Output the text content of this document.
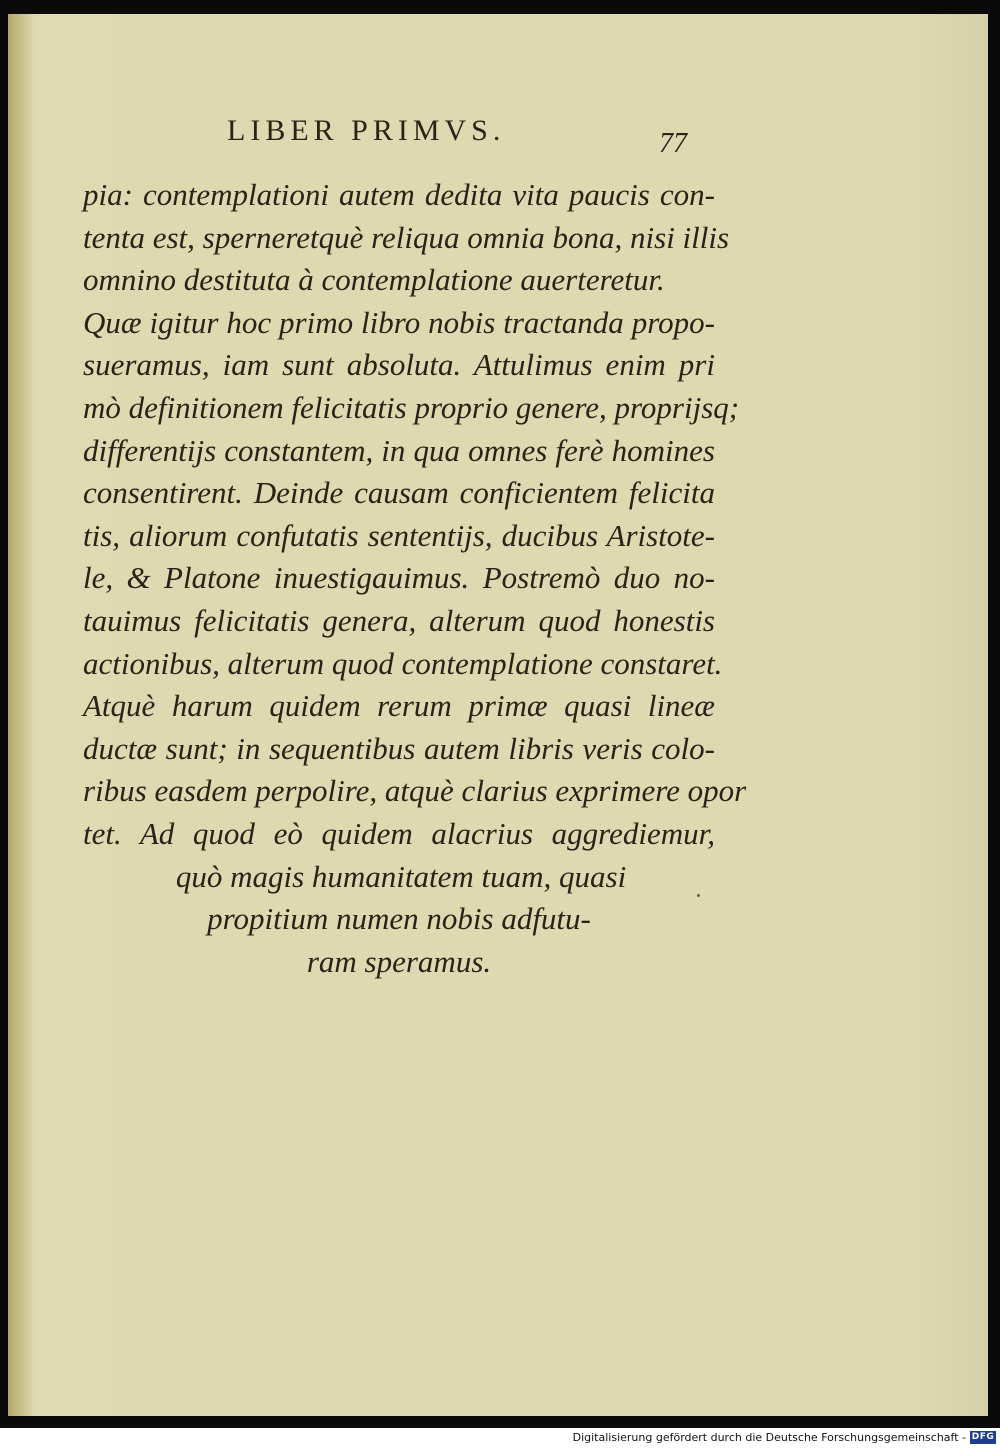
LIBER PRIMVS.	77
pia: contemplationi autem dedita vita paucis con-
tenta est, sperneretquè reliqua omnia bona, nisi illis
omnino destituta à contemplatione auerteretur.
Quæ igitur hoc primo libro nobis tractanda propo-
sueramus, iam sunt absoluta. Attulimus enim pri
mò definitionem felicitatis proprio genere, proprijsq;
differentijs constantem, in qua omnes ferè homines
consentirent. Deinde causam conficientem felicita
tis, aliorum confutatis sententijs, ducibus Aristote-
le, & Platone inuestigauimus. Postremò duo no-
tauimus felicitatis genera, alterum quod honestis
actionibus, alterum quod contemplatione constaret.
Atquè harum quidem rerum primæ quasi lineæ
ductæ sunt; in sequentibus autem libris veris colo-
ribus easdem perpolire, atquè clarius exprimere opor
tet. Ad quod eò quidem alacrius aggrediemur,
quò magis humanitatem tuam, quasi
propitium numen nobis adfutu-
ram speramus.
Digitalisierung gefördert durch die Deutsche Forschungsgemeinschaft - DFG
